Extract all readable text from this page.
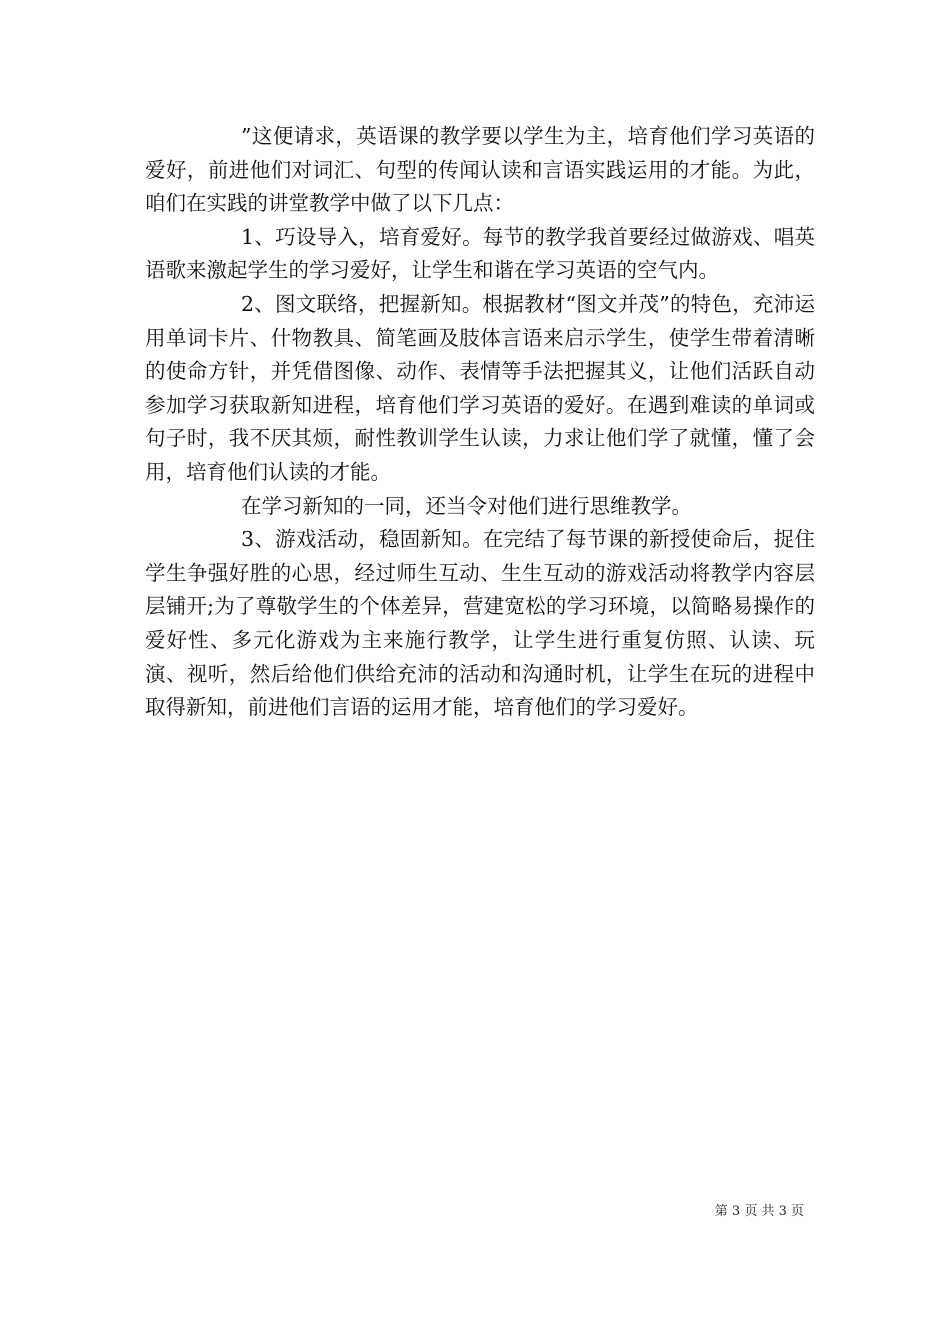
”这便请求，英语课的教学要以学生为主，培育他们学习英语的爱好，前进他们对词汇、句型的传闻认读和言语实践运用的才能。为此，咱们在实践的讲堂教学中做了以下几点：

1、巧设导入，培育爱好。每节的教学我首要经过做游戏、唱英语歌来激起学生的学习爱好，让学生和谐在学习英语的空气内。

2、图文联络，把握新知。根据教材“图文并茂”的特色，充沛运用单词卡片、什物教具、简笔画及肢体言语来启示学生，使学生带着清晰的使命方针，并凭借图像、动作、表情等手法把握其义，让他们活跃自动参加学习获取新知进程，培育他们学习英语的爱好。在遇到难读的单词或句子时，我不厌其烦，耐性教训学生认读，力求让他们学了就懂，懂了会用，培育他们认读的才能。

在学习新知的一同，还当令对他们进行思维教学。

3、游戏活动，稳固新知。在完结了每节课的新授使命后，捉住学生争强好胜的心思，经过师生互动、生生互动的游戏活动将教学内容层层铺开;为了尊敬学生的个体差异，营建宽松的学习环境，以简略易操作的爱好性、多元化游戏为主来施行教学，让学生进行重复仿照、认读、玩演、视听，然后给他们供给充沛的活动和沟通时机，让学生在玩的进程中取得新知，前进他们言语的运用才能，培育他们的学习爱好。

第 3 页 共 3 页
